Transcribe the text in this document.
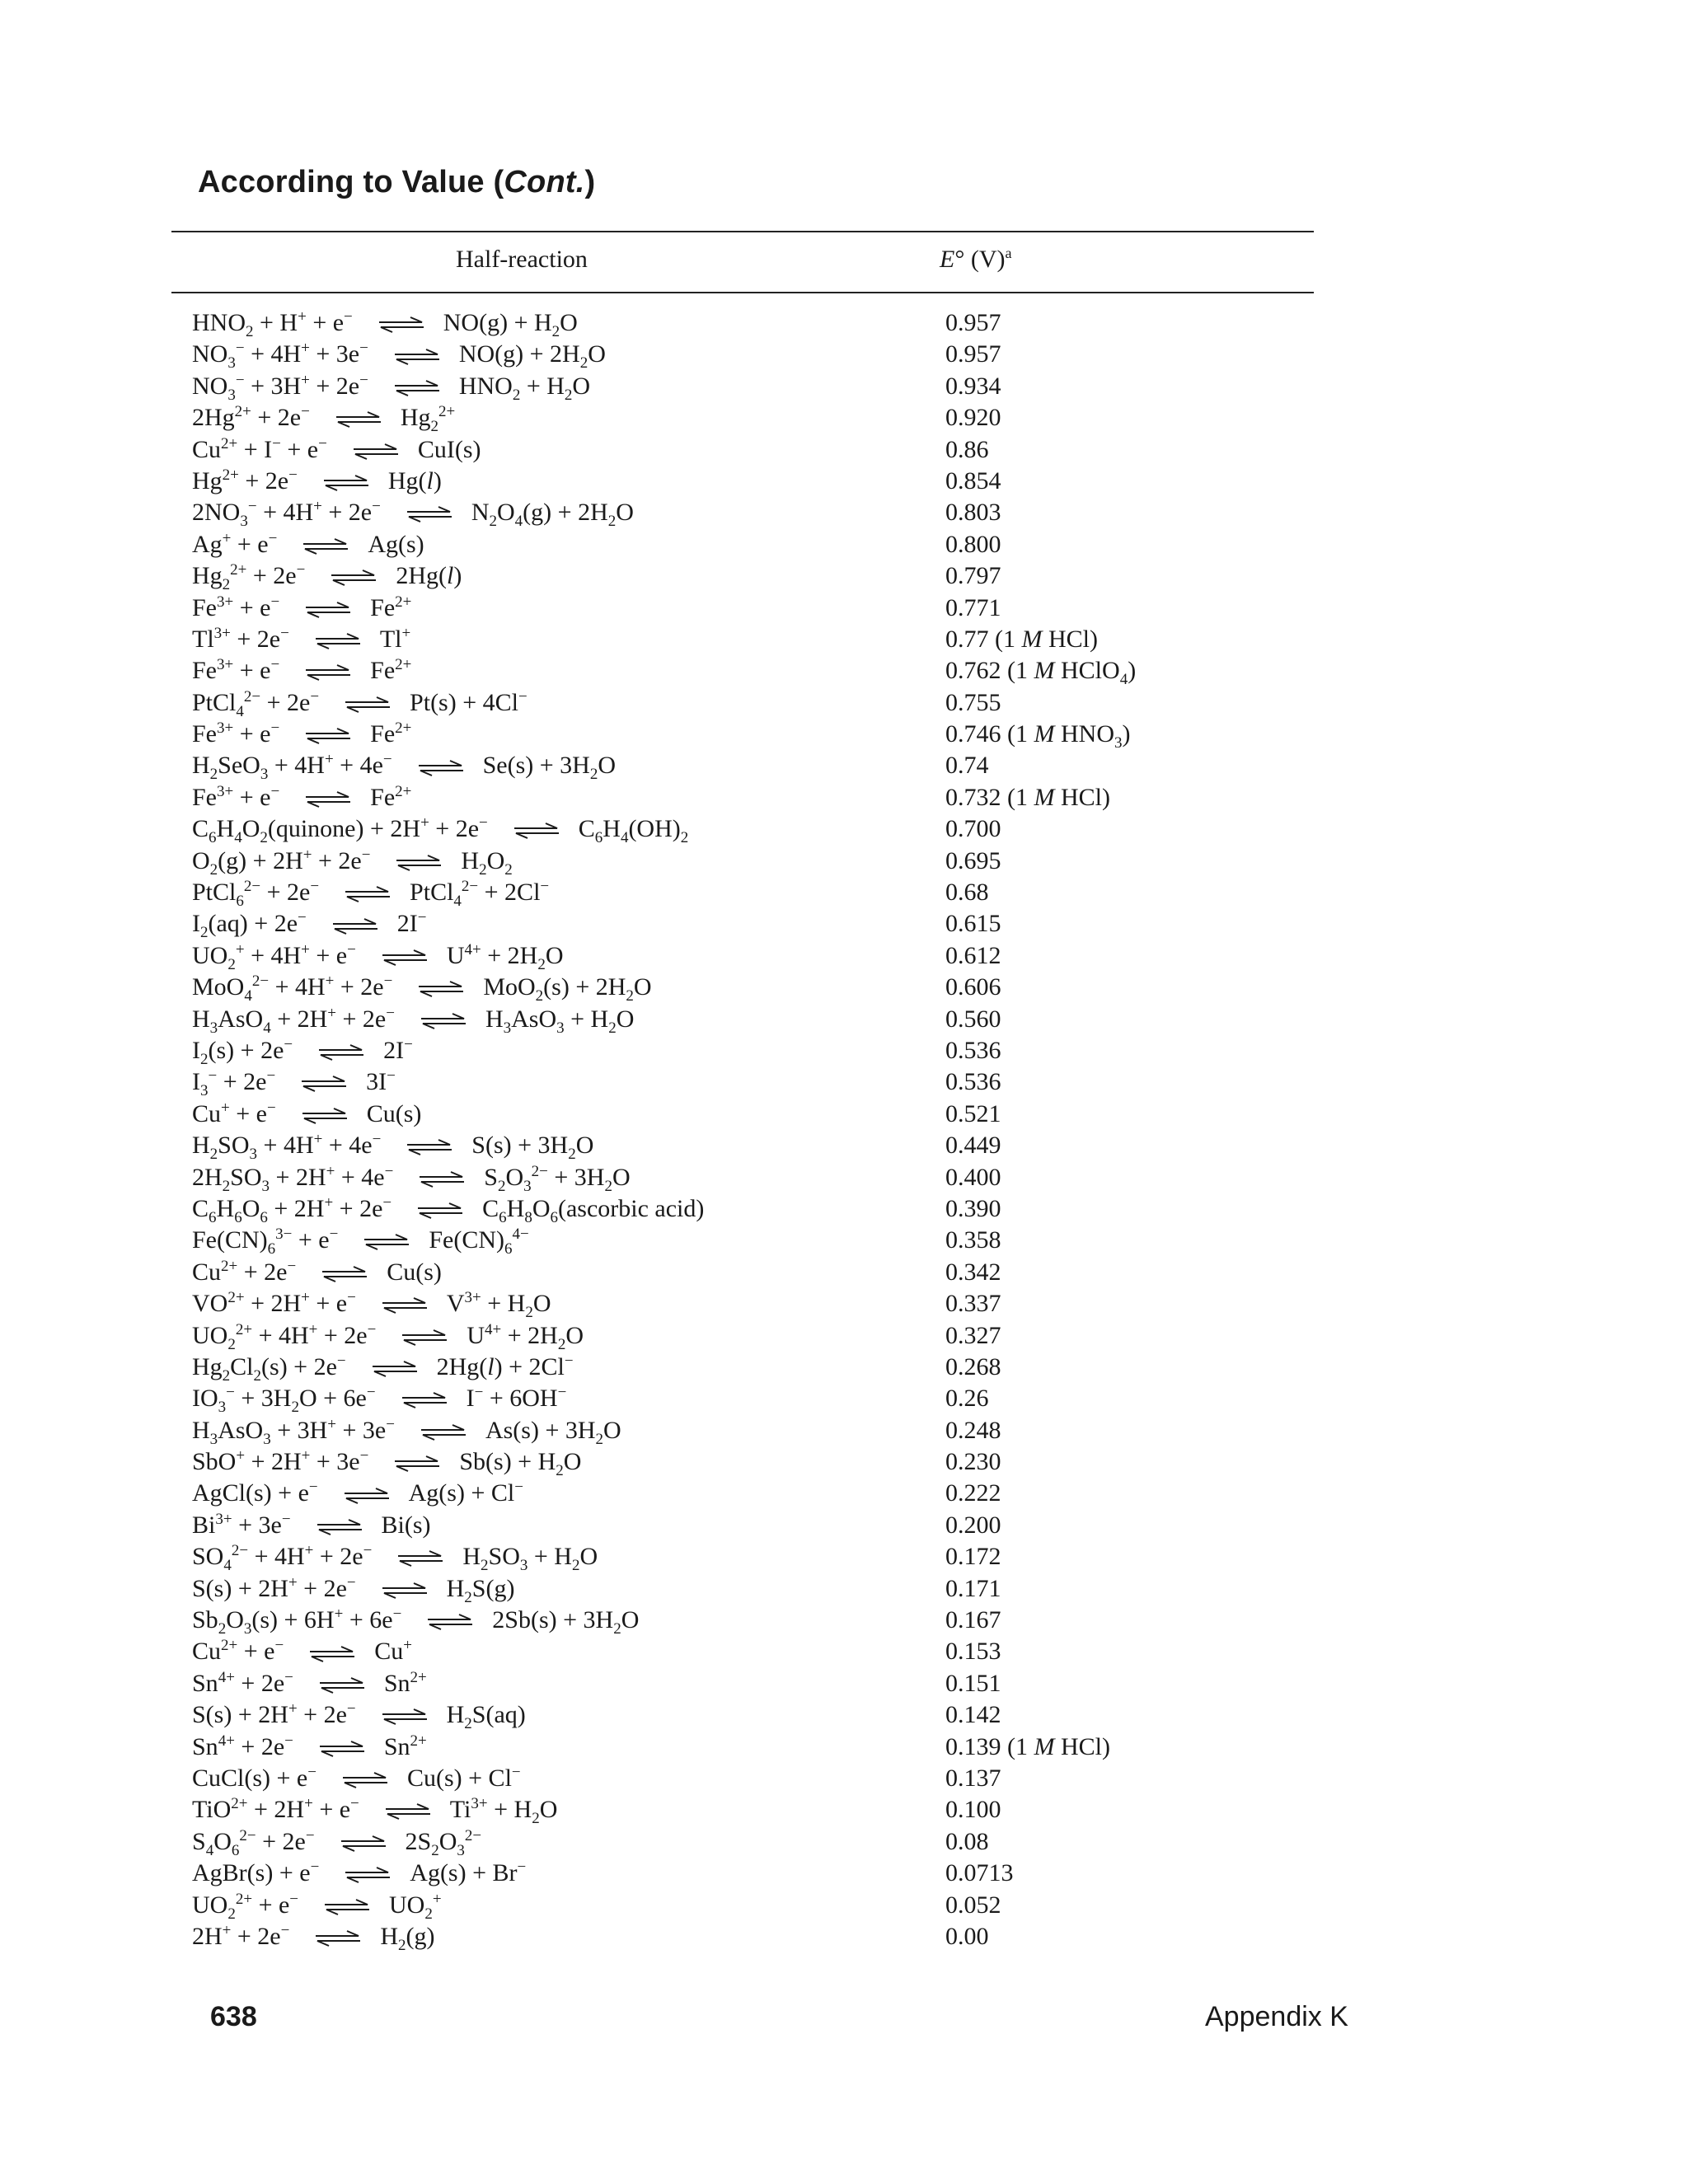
According to Value (Cont.)
Half-reaction	E° $(V)^a$
$HNO_2 + H^+ + e^-$ ⇌ $NO(g) + H_2O$	0.957
$NO_3^- + 4H^+ + 3e^-$ ⇌ $NO(g) + 2H_2O$	0.957
$NO_3^- + 3H^+ + 2e^-$ ⇌ $HNO_2 + H_2O$	0.934
$2Hg^{2+} + 2e^-$ ⇌ $Hg_2^{2+}$	0.920
$Cu^{2+} + I^- + e^-$ ⇌ CuI(s)	0.86
$Hg^{2+} + 2e^-$ ⇌ Hg(l)	0.854
$2NO_3^- + 4H^+ + 2e^-$ ⇌ $N_2O_4(g) + 2H_2O$	0.803
Ag+ + e− ⇌ Ag(s)	0.800
$Hg_2^{2+} + 2e^-$ ⇌ 2Hg(l)	0.797
$Fe^{3+} + e^-$ ⇌ $Fe^{2+}$	0.771
$Tl^{3+} + 2e^-$ ⇌ Tl+	0.77 (1 M HCl)
$Fe^{3+} + e^-$ ⇌ $Fe^{2+}$	0.762 (1 M HClO$_4$)
PtCl$_4^{2-}$ + 2e− ⇌ Pt(s) + 4Cl−	0.755
$Fe^{3+} + e^-$ ⇌ $Fe^{2+}$	0.746 (1 M $HNO_3$)
$H_2SeO_3 + 4H^+ + 4e^-$ ⇌ $Se(s) + 3H_2O$	0.74
$Fe^{3+} + e^-$ ⇌ $Fe^{2+}$	0.732 (1 M HCl)
$C_6H_4O_2(quinone) + 2H^+ + 2e^-$ ⇌ $C_6H_4(OH)_2$	0.700
$O_2(g) + 2H^+ + 2e^-$ ⇌ $H_2O_2$	0.695
PtCl$_6^{2-}$ + 2e− ⇌ PtCl$_4^{2-}$ + 2Cl−	0.68
$I_2(aq) + 2e^-$ ⇌ 2I−	0.615
$UO_2^+ + 4H^+ + e^-$ ⇌ $U^{4+} + 2H_2O$	0.612
MoO$_4^{2-}$ + 4H+ + 2e− ⇌ $MoO_2(s) + 2H_2O$	0.606
$H_3AsO_4 + 2H^+ + 2e^-$ ⇌ $H_3AsO_3 + H_2O$	0.560
$I_2(s) + 2e^-$ ⇌ 2I−	0.536
$I_3^- + 2e^-$ ⇌ 3I−	0.536
Cu+ + e− ⇌ Cu(s)	0.521
$H_2SO_3 + 4H^+ + 4e^-$ ⇌ $S(s) + 3H_2O$	0.449
$2H_2SO_3 + 2H^+ + 4e^-$ ⇌ $S_2O_3^{2-} + 3H_2O$	0.400
$C_6H_6O_6 + 2H^+ + 2e^-$ ⇌ $C_6H_8O_6(ascorbic$ acid)	0.390
$Fe(CN)_6^{3-} + e^-$ ⇌ $Fe(CN)_6^{4-}$	0.358
$Cu^{2+} + 2e^-$ ⇌ Cu(s)	0.342
$VO^{2+} + 2H^+ + e^-$ ⇌ $V^{3+} + H_2O$	0.337
$UO_2^{2+} + 4H^+ + 2e^-$ ⇌ $U^{4+} + 2H_2O$	0.327
$Hg_2Cl_2(s) + 2e^-$ ⇌ 2Hg(l) + 2Cl−	0.268
$IO_3^- + 3H_2O + 6e^-$ ⇌ I− + 6OH−	0.26
$H_3AsO_3 + 3H^+ + 3e^-$ ⇌ $As(s) + 3H_2O$	0.248
SbO+ + 2H+ + 3e− ⇌ $Sb(s) + H_2O$	0.230
AgCl(s) + e− ⇌ Ag(s) + Cl−	0.222
$Bi^{3+} + 3e^-$ ⇌ Bi(s)	0.200
$SO_4^{2-} + 4H^+ + 2e^-$ ⇌ $H_2SO_3 + H_2O$	0.172
S(s) + 2H+ + 2e− ⇌ $H_2S(g)$	0.171
$Sb_2O_3(s) + 6H^+ + 6e^-$ ⇌ $2Sb(s) + 3H_2O$	0.167
$Cu^{2+} + e^-$ ⇌ Cu+	0.153
$Sn^{4+} + 2e^-$ ⇌ $Sn^{2+}$	0.151
S(s) + 2H+ + 2e− ⇌ $H_2S(aq)$	0.142
$Sn^{4+} + 2e^-$ ⇌ $Sn^{2+}$	0.139 (1 M HCl)
CuCl(s) + e− ⇌ Cu(s) + Cl−	0.137
TiO$^{2+}$ + 2H+ + e− ⇌ $Ti^{3+} + H_2O$	0.100
$S_4O_6^{2-} + 2e^-$ ⇌ $2S_2O_3^{2-}$	0.08
AgBr(s) + e− ⇌ Ag(s) + Br−	0.0713
$UO_2^{2+} + e^-$ ⇌ $UO_2^+$	0.052
2H+ + 2e− ⇌ $H_2(g)$	0.00
638	Appendix K
